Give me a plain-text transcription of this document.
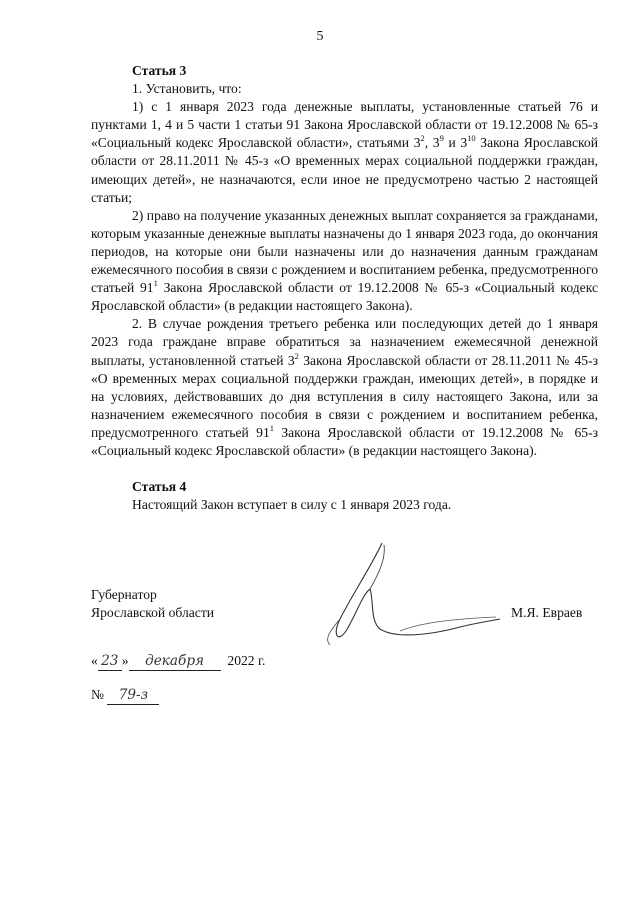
5

Статья 3

1. Установить, что:

1) с 1 января 2023 года денежные выплаты, установленные статьей 76 и пунктами 1, 4 и 5 части 1 статьи 91 Закона Ярославской области от 19.12.2008 № 65-з «Социальный кодекс Ярославской области», статьями $3^2$, $3^9$ и $3^{10}$ Закона Ярославской области от 28.11.2011 № 45-з «О временных мерах социальной поддержки граждан, имеющих детей», не назначаются, если иное не предусмотрено частью 2 настоящей статьи;

2) право на получение указанных денежных выплат сохраняется за гражданами, которым указанные денежные выплаты назначены до 1 января 2023 года, до окончания периодов, на которые они были назначены или до назначения данным гражданам ежемесячного пособия в связи с рождением и воспитанием ребенка, предусмотренного статьей $91^1$ Закона Ярославской области от 19.12.2008 № 65-з «Социальный кодекс Ярославской области» (в редакции настоящего Закона).

2. В случае рождения третьего ребенка или последующих детей до 1 января 2023 года граждане вправе обратиться за назначением ежемесячной денежной выплаты, установленной статьей $3^2$ Закона Ярославской области от 28.11.2011 № 45-з «О временных мерах социальной поддержки граждан, имеющих детей», в порядке и на условиях, действовавших до дня вступления в силу настоящего Закона, или за назначением ежемесячного пособия в связи с рождением и воспитанием ребенка, предусмотренного статьей $91^1$ Закона Ярославской области от 19.12.2008 № 65-з «Социальный кодекс Ярославской области» (в редакции настоящего Закона).

Статья 4

Настоящий Закон вступает в силу с 1 января 2023 года.

Губернатор
Ярославской области	М.Я. Евраев
« 23 » декабря 2022 г.
№ 79-з
